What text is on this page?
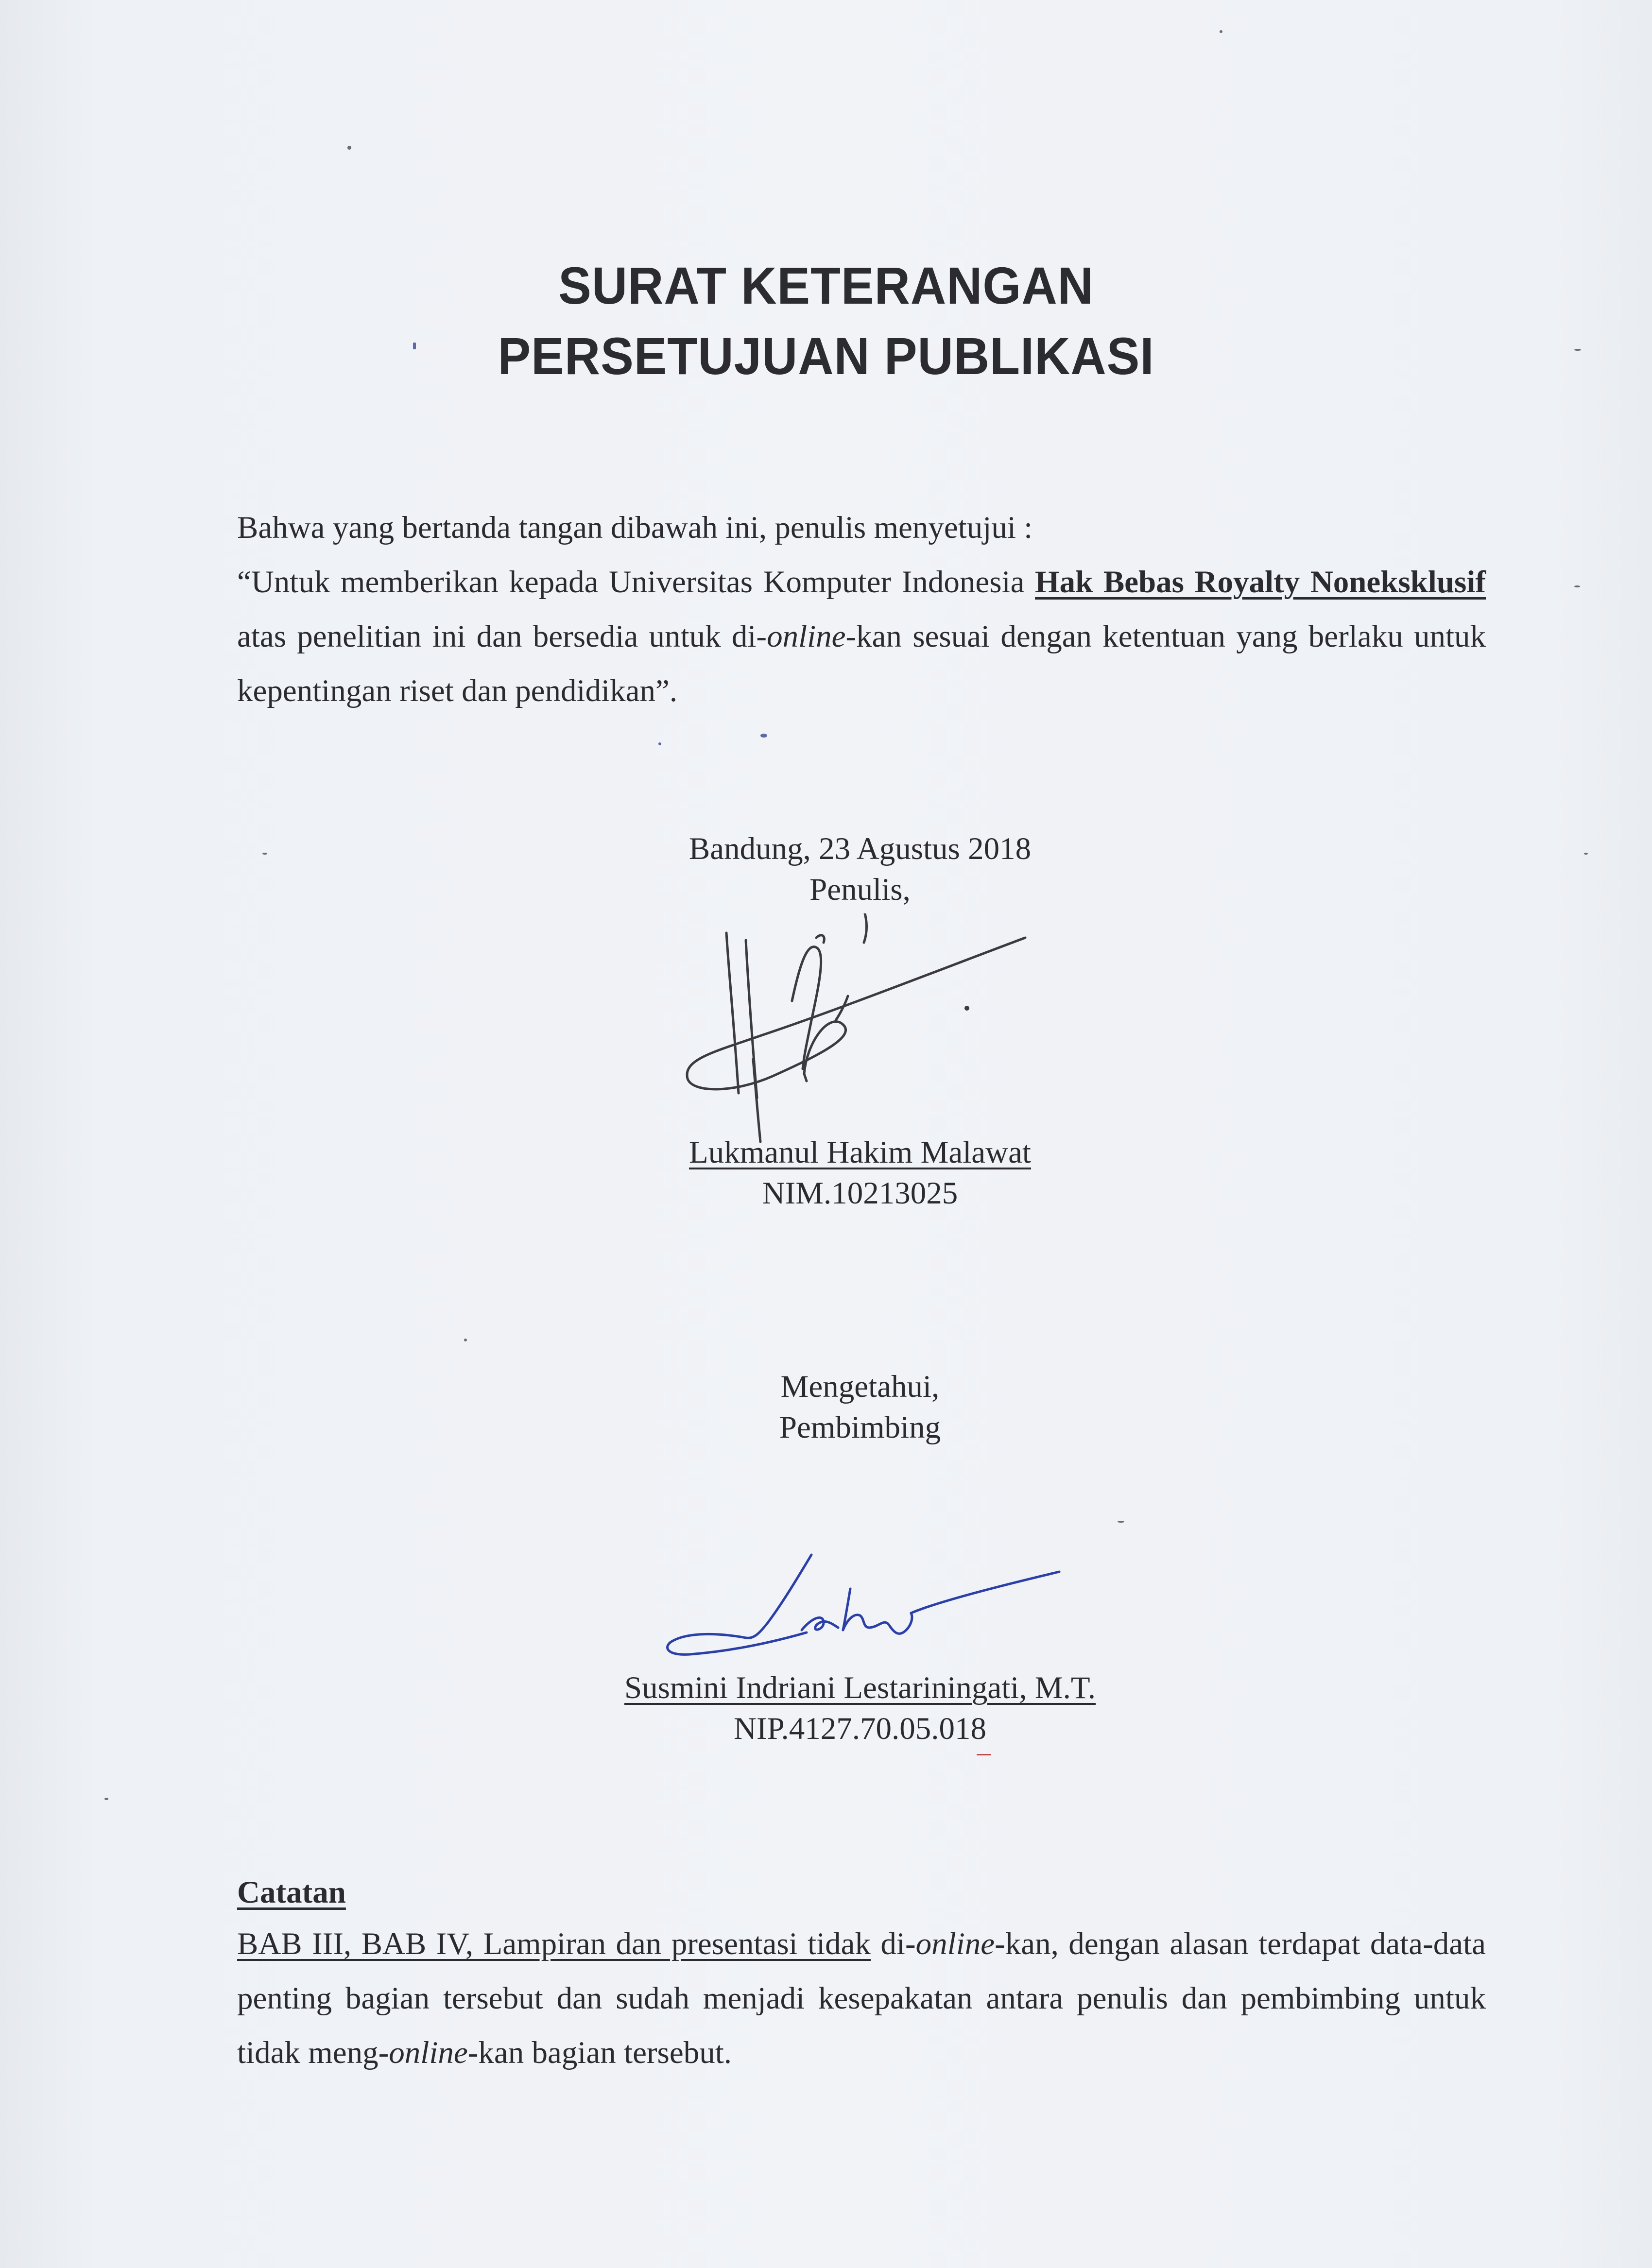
SURAT KETERANGAN
PERSETUJUAN PUBLIKASI
Bahwa yang bertanda tangan dibawah ini, penulis menyetujui :
“Untuk memberikan kepada Universitas Komputer Indonesia Hak Bebas Royalty Noneksklusif
atas penelitian ini dan bersedia untuk di-online-kan sesuai dengan ketentuan yang berlaku untuk
kepentingan riset dan pendidikan”.
Bandung, 23 Agustus 2018
Penulis,
Lukmanul Hakim Malawat
NIM.10213025
Mengetahui,
Pembimbing
Susmini Indriani Lestariningati, M.T.
NIP.4127.70.05.018
Catatan
BAB III, BAB IV, Lampiran dan presentasi tidak di-online-kan, dengan alasan terdapat data-data
penting bagian tersebut dan sudah menjadi kesepakatan antara penulis dan pembimbing untuk
tidak meng-online-kan bagian tersebut.
